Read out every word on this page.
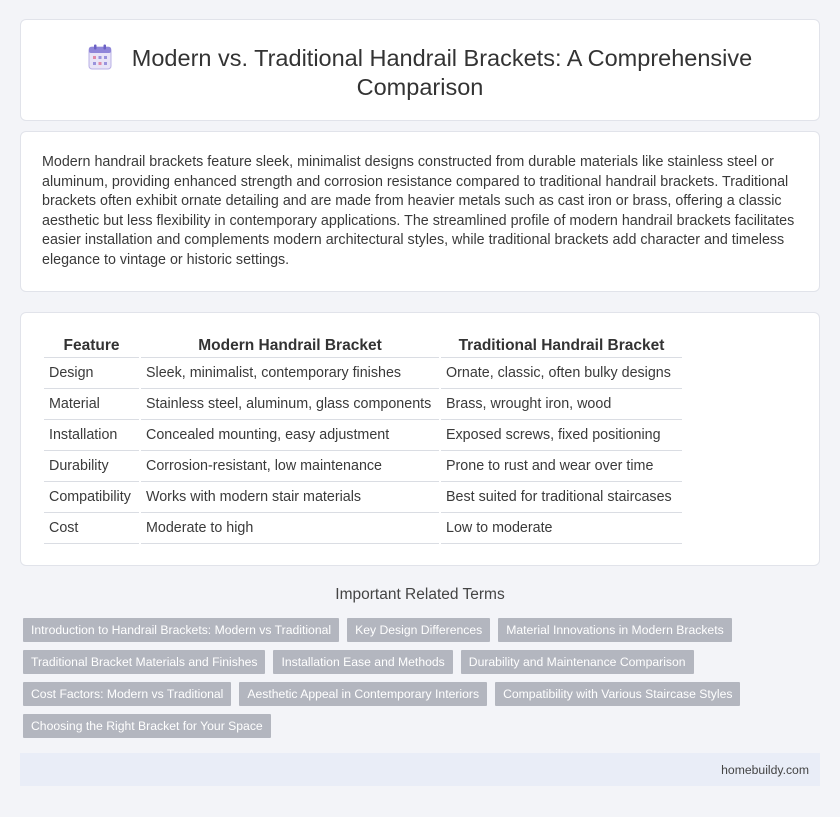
Modern vs. Traditional Handrail Brackets: A Comprehensive Comparison

Modern handrail brackets feature sleek, minimalist designs constructed from durable materials like stainless steel or aluminum, providing enhanced strength and corrosion resistance compared to traditional handrail brackets. Traditional brackets often exhibit ornate detailing and are made from heavier metals such as cast iron or brass, offering a classic aesthetic but less flexibility in contemporary applications. The streamlined profile of modern handrail brackets facilitates easier installation and complements modern architectural styles, while traditional brackets add character and timeless elegance to vintage or historic settings.

Feature	Modern Handrail Bracket	Traditional Handrail Bracket
Design	Sleek, minimalist, contemporary finishes	Ornate, classic, often bulky designs
Material	Stainless steel, aluminum, glass components	Brass, wrought iron, wood
Installation	Concealed mounting, easy adjustment	Exposed screws, fixed positioning
Durability	Corrosion-resistant, low maintenance	Prone to rust and wear over time
Compatibility	Works with modern stair materials	Best suited for traditional staircases
Cost	Moderate to high	Low to moderate
Important Related Terms
Introduction to Handrail Brackets: Modern vs Traditional	Key Design Differences	Material Innovations in Modern Brackets
Traditional Bracket Materials and Finishes	Installation Ease and Methods	Durability and Maintenance Comparison
Cost Factors: Modern vs Traditional	Aesthetic Appeal in Contemporary Interiors	Compatibility with Various Staircase Styles
Choosing the Right Bracket for Your Space
homebuildy.com
